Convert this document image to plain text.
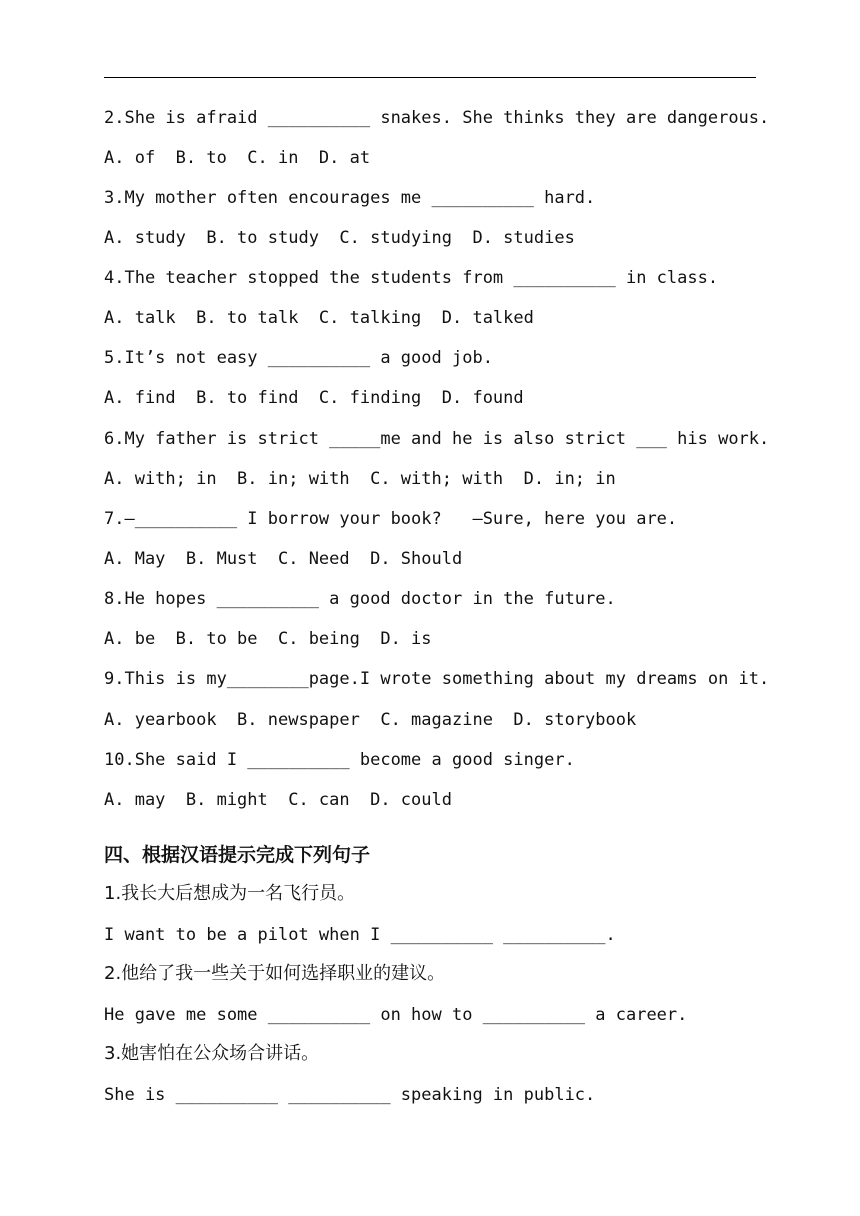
2.She is afraid __________ snakes. She thinks they are dangerous.
A. of  B. to  C. in  D. at
3.My mother often encourages me __________ hard.
A. study  B. to study  C. studying  D. studies
4.The teacher stopped the students from __________ in class.
A. talk  B. to talk  C. talking  D. talked
5.It’s not easy __________ a good job.
A. find  B. to find  C. finding  D. found
6.My father is strict _____me and he is also strict ___ his work.
A. with; in  B. in; with  C. with; with  D. in; in
7.—__________ I borrow your book?   —Sure, here you are.
A. May  B. Must  C. Need  D. Should
8.He hopes __________ a good doctor in the future.
A. be  B. to be  C. being  D. is
9.This is my________page.I wrote something about my dreams on it.
A. yearbook  B. newspaper  C. magazine  D. storybook
10.She said I __________ become a good singer.
A. may  B. might  C. can  D. could
四、根据汉语提示完成下列句子
1.我长大后想成为一名飞行员。
I want to be a pilot when I __________ __________.
2.他给了我一些关于如何选择职业的建议。
He gave me some __________ on how to __________ a career.
3.她害怕在公众场合讲话。
She is __________ __________ speaking in public.
